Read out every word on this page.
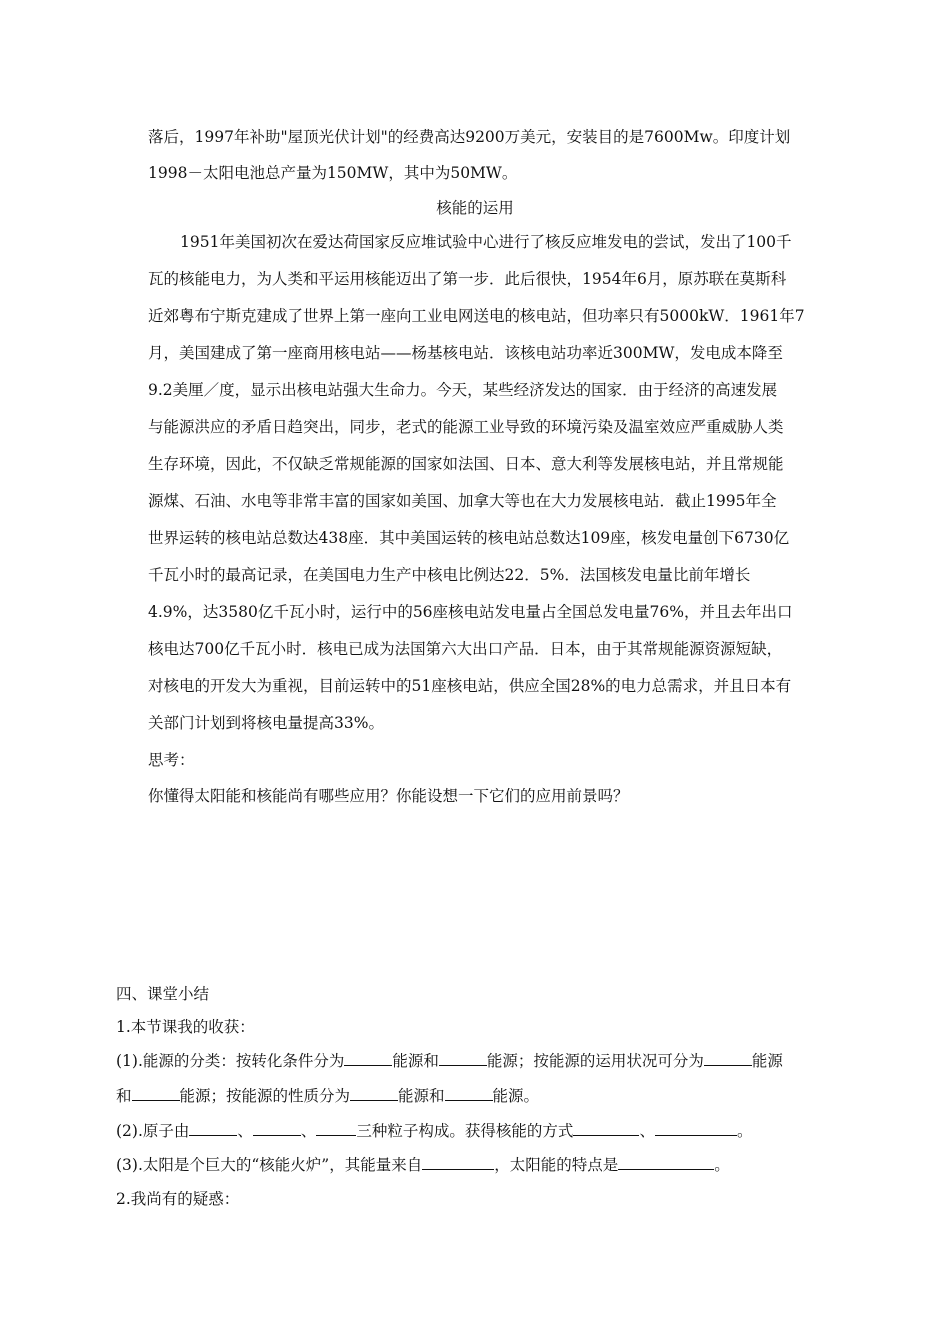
落后，1997年补助"屋顶光伏计划"的经费高达9200万美元，安装目的是7600Mw。印度计划
1998－太阳电池总产量为150MW，其中为50MW。
核能的运用
1951年美国初次在爱达荷国家反应堆试验中心进行了核反应堆发电的尝试，发出了100千
瓦的核能电力，为人类和平运用核能迈出了第一步．此后很快，1954年6月，原苏联在莫斯科
近郊粤布宁斯克建成了世界上第一座向工业电网送电的核电站，但功率只有5000kW．1961年7
月，美国建成了第一座商用核电站——杨基核电站．该核电站功率近300MW，发电成本降至
9.2美厘／度，显示出核电站强大生命力。今天，某些经济发达的国家．由于经济的高速发展
与能源洪应的矛盾日趋突出，同步，老式的能源工业导致的环境污染及温室效应严重威胁人类
生存环境，因此，不仅缺乏常规能源的国家如法国、日本、意大利等发展核电站，并且常规能
源煤、石油、水电等非常丰富的国家如美国、加拿大等也在大力发展核电站．截止1995年全
世界运转的核电站总数达438座．其中美国运转的核电站总数达109座，核发电量创下6730亿
千瓦小时的最高记录，在美国电力生产中核电比例达22．5%．法国核发电量比前年增长
4.9%，达3580亿千瓦小时，运行中的56座核电站发电量占全国总发电量76%，并且去年出口
核电达700亿千瓦小时．核电已成为法国第六大出口产品．日本，由于其常规能源资源短缺，
对核电的开发大为重视，目前运转中的51座核电站，供应全国28%的电力总需求，并且日本有
关部门计划到将核电量提高33%。
思考：
你懂得太阳能和核能尚有哪些应用？你能设想一下它们的应用前景吗？
四、课堂小结
1.本节课我的收获：
(1).能源的分类：按转化条件分为	能源和	能源；按能源的运用状况可分为	能源
和	能源；按能源的性质分为	能源和	能源。
(2).原子由	、	、	三种粒子构成。获得核能的方式	、	。
(3).太阳是个巨大的“核能火炉”，其能量来自	，太阳能的特点是	。
2.我尚有的疑惑：
